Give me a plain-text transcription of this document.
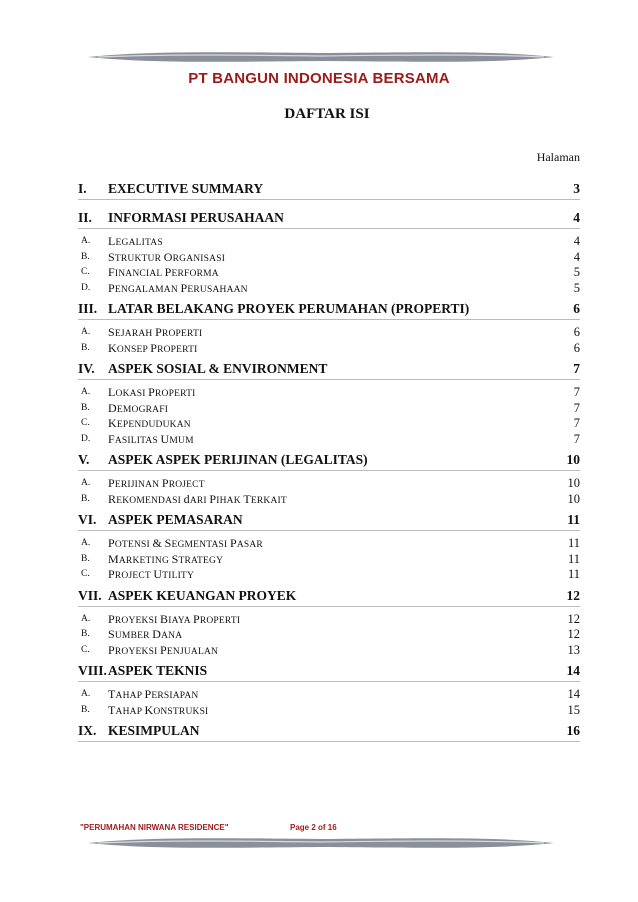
PT BANGUN INDONESIA BERSAMA
DAFTAR ISI
Halaman
I.	EXECUTIVE SUMMARY	3
II.	INFORMASI PERUSAHAAN	4
A.	LEGALITAS	4
B.	STRUKTUR ORGANISASI	4
C.	FINANCIAL PERFORMA	5
D.	PENGALAMAN PERUSAHAAN	5
III. LATAR BELAKANG PROYEK PERUMAHAN (PROPERTI)	6
A.	SEJARAH PROPERTI	6
B.	KONSEP PROPERTI	6
IV. ASPEK SOSIAL & ENVIRONMENT	7
A.	LOKASI PROPERTI	7
B.	DEMOGRAFI	7
C.	KEPENDUDUKAN	7
D.	FASILITAS UMUM	7
V.	ASPEK ASPEK PERIJINAN (LEGALITAS)	10
A.	PERIJINAN PROJECT	10
B.	REKOMENDASI dARI PIHAK TERKAIT	10
VI. ASPEK PEMASARAN	11
A.	POTENSI & SEGMENTASI PASAR	11
B.	MARKETING STRATEGY	11
C.	PROJECT UTILITY	11
VII. ASPEK KEUANGAN PROYEK	12
A.	PROYEKSI BIAYA PROPERTI	12
B.	SUMBER DANA	12
C.	PROYEKSI PENJUALAN	13
VIII. ASPEK TEKNIS	14
A.	TAHAP PERSIAPAN	14
B.	TAHAP KONSTRUKSI	15
IX. KESIMPULAN	16
"PERUMAHAN NIRWANA RESIDENCE"	Page 2 of 16
